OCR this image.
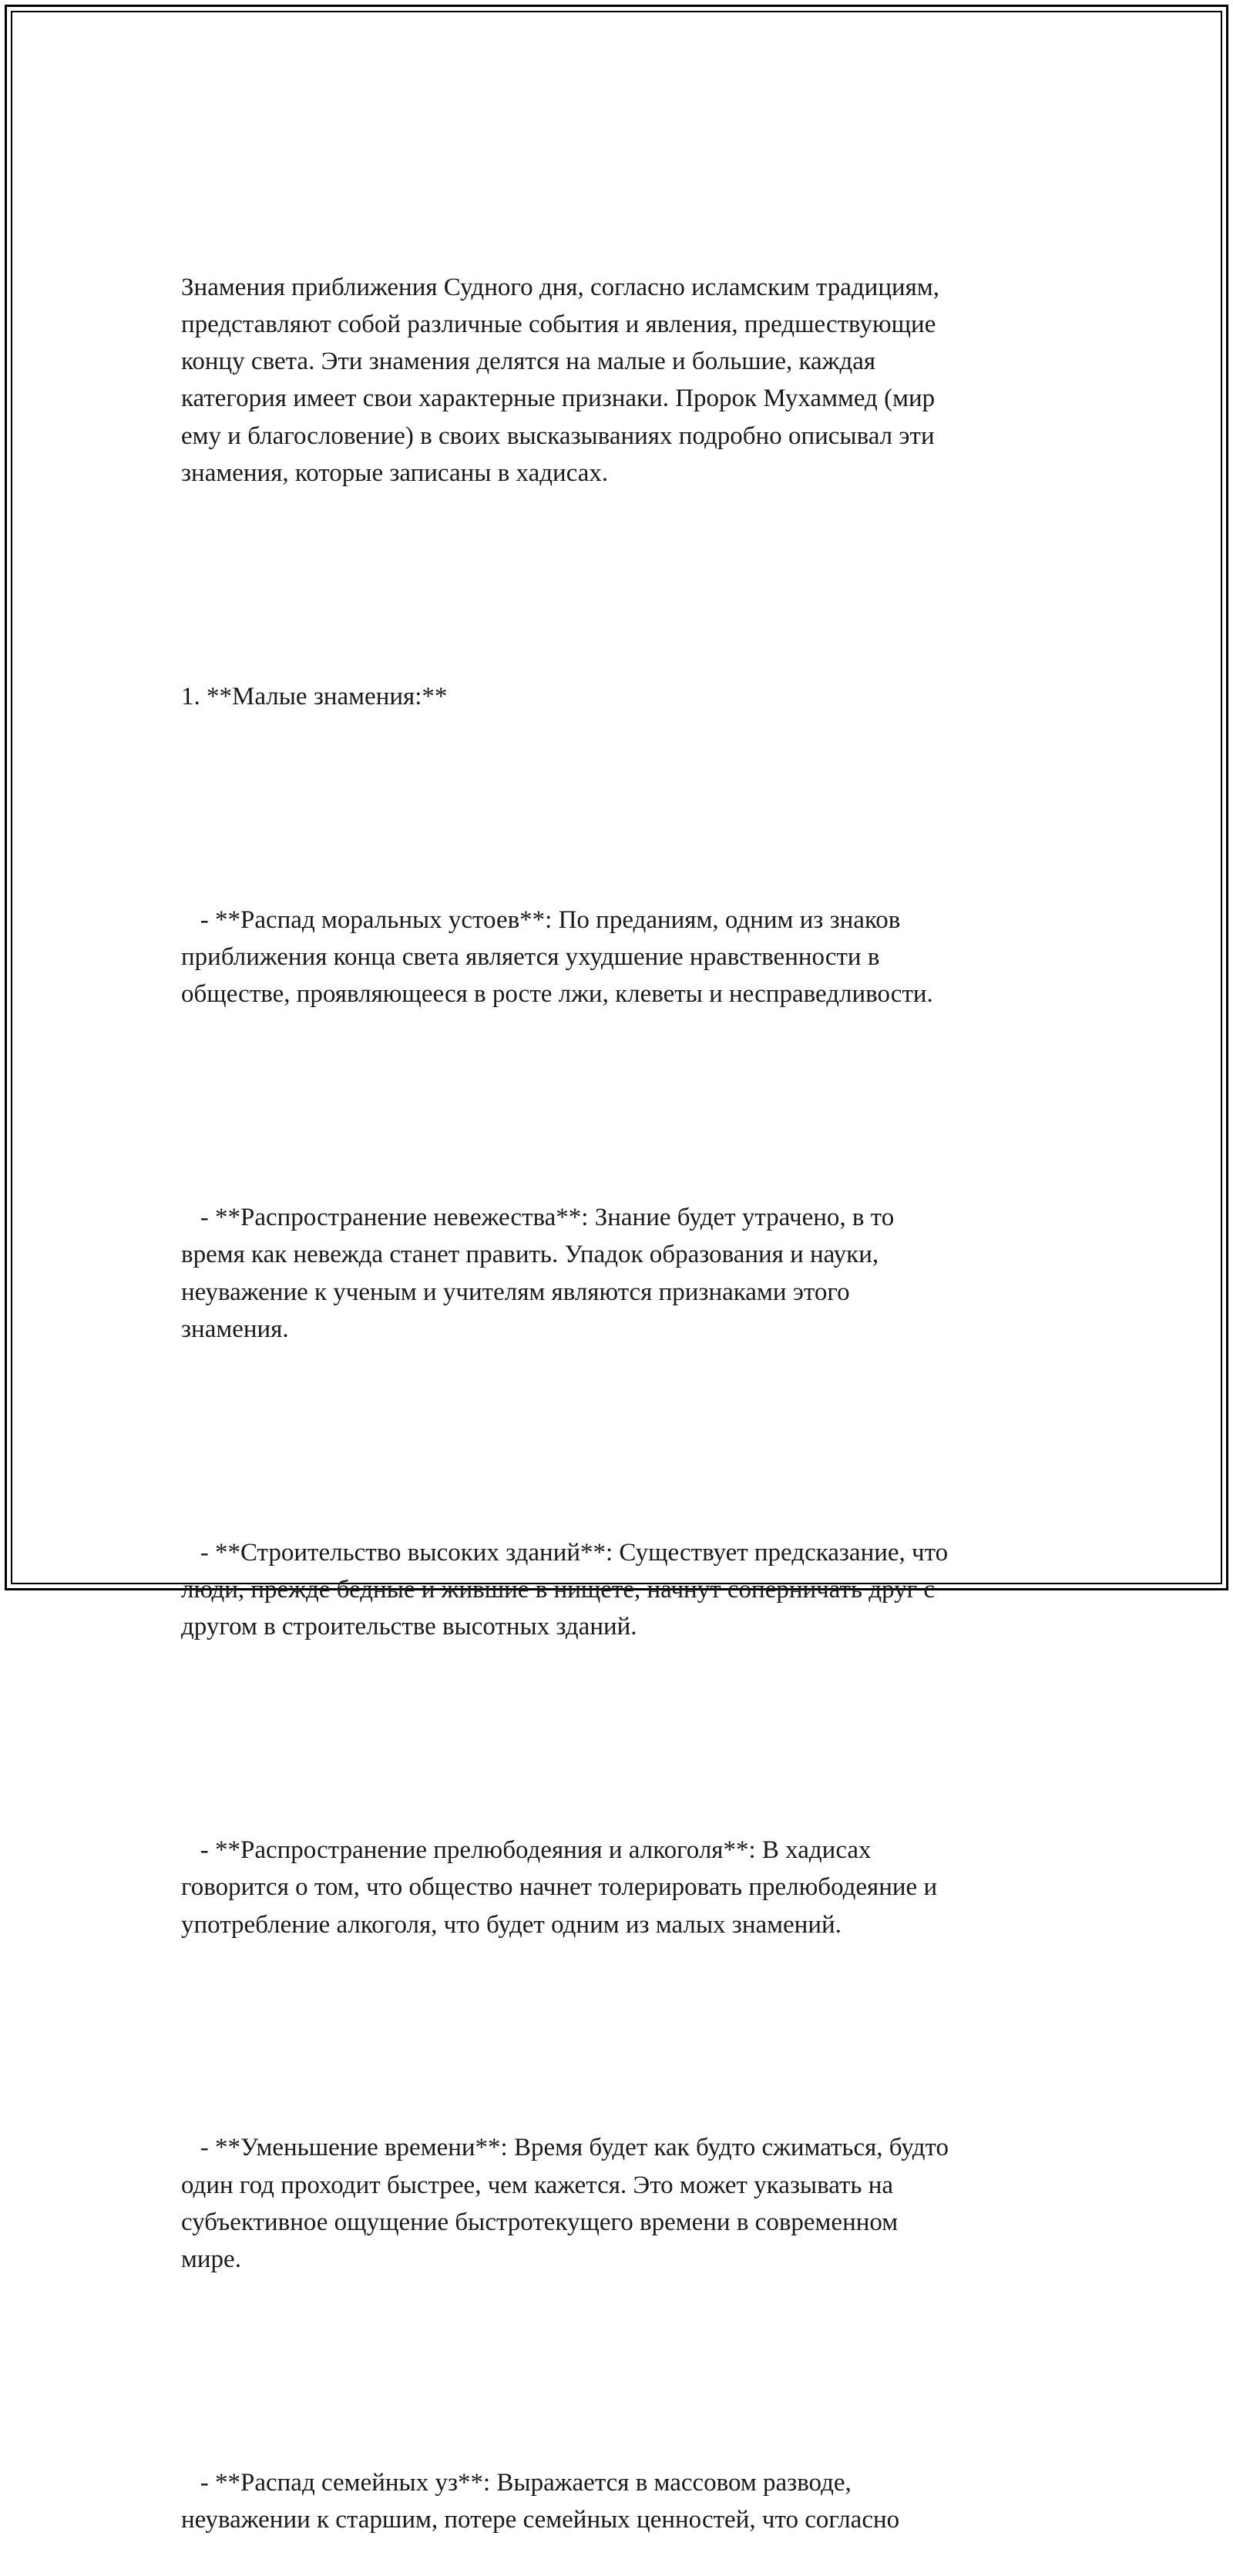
Знамения приближения Судного дня, согласно исламским традициям,
представляют собой различные события и явления, предшествующие
концу света. Эти знамения делятся на малые и большие, каждая
категория имеет свои характерные признаки. Пророк Мухаммед (мир
ему и благословение) в своих высказываниях подробно описывал эти
знамения, которые записаны в хадисах.

1. **Малые знамения:**

- **Распад моральных устоев**: По преданиям, одним из знаков
приближения конца света является ухудшение нравственности в
обществе, проявляющееся в росте лжи, клеветы и несправедливости.

- **Распространение невежества**: Знание будет утрачено, в то
время как невежда станет править. Упадок образования и науки,
неуважение к ученым и учителям являются признаками этого
знамения.

- **Строительство высоких зданий**: Существует предсказание, что
люди, прежде бедные и жившие в нищете, начнут соперничать друг с
другом в строительстве высотных зданий.

- **Распространение прелюбодеяния и алкоголя**: В хадисах
говорится о том, что общество начнет толерировать прелюбодеяние и
употребление алкоголя, что будет одним из малых знамений.

- **Уменьшение времени**: Время будет как будто сжиматься, будто
один год проходит быстрее, чем кажется. Это может указывать на
субъективное ощущение быстротекущего времени в современном
мире.

- **Распад семейных уз**: Выражается в массовом разводе,
неуважении к старшим, потере семейных ценностей, что согласно
